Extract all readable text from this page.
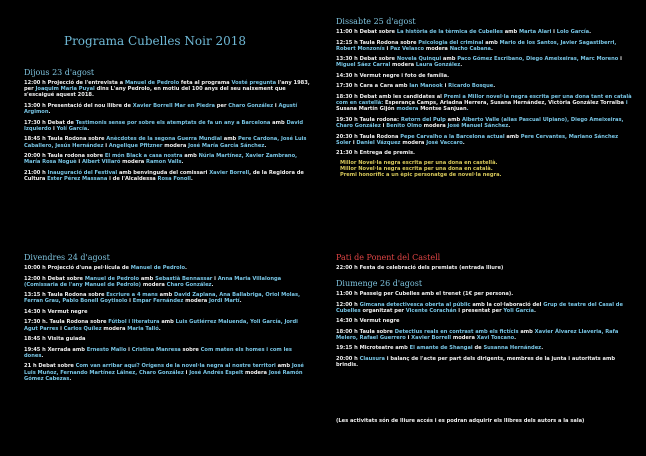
Programa Cubelles Noir 2018

Dijous 23 d'agost

12:00 h Projecció de l'entrevista a Manuel de Pedrolo feta al programa Vosté pregunta l'any 1983, per Joaquim Maria Puyal dins L'any Pedrolo, en motiu del 100 anys del seu naixement que s'escaigué aquest 2018.

13:00 h Presentació del nou llibre de Xavier Borrell Mar en Piedra per Charo González i Agustí Argimon.

17:30 h Debat de Testimonis sense por sobre els atemptats de fa un any a Barcelona amb David Izquierdo i Yolí García.

18:45 h Taula Rodona sobre Anècdotes de la segona Guerra Mundial amb Pere Cardona, José Luis Caballero, Jesús Hernández i Angelique Pfitzner modera José María García Sánchez.

20:00 h Taula rodona sobre El món Black a casa nostra amb Núria Martínez, Xavier Zambrano, María Rosa Noguè i Albert Villaró modera Ramon Valls.

21:00 h Inauguració del Festival amb benvinguda del comissari Xavier Borrell, de la Regidora de Cultura Ester Pérez Massana i de l'Alcaldessa Rosa Fonoll.

Divendres 24 d'agost

10:00 h Projecció d'una pel·lícula de Manuel de Pedrolo.

12:00 h Debat sobre Manuel de Pedrolo amb Sebastià Bennassar i Anna Maria Villalonga (Comissaria de l'any Manuel de Pedrolo) modera Charo González.

13:15 h Taula Rodona sobre Escriure a 4 mans amb David Zaplana, Ana Ballabriga, Oriol Molas, Ferran Grau, Pablo Bonell Goytisolo i Empar Fernández modera Jordi Martí.

14:30 h Vermut negre

17:30 h. Taula Rodona sobre Fútbol i literatura amb Luis Gutiérrez Maluenda, Yoli García, Jordi Agut Parres i Carlos Quílez modera Maria Talló.

18:45 h Visita guiada

19:45 h Xerrada amb Ernesto Mallo i Cristina Manresa sobre Com maten els homes i com les dones.

21 h Debat sobre Com van arribar aquí? Orígens de la novel·la negra al nostre territori amb José Luis Muñoz, Fernando Martínez Láinez, Charo González i José Andrés Espelt modera José Ramón Gómez Cabezas.

Dissabte 25 d'agost

11:00 h Debat sobre La història de la tèrmica de Cubelles amb Marta Alari i Lolo García.

12:15 h Taula Rodona sobre Psicologia del criminal amb Mario de los Santos, Javier Sagastiberri, Robert Monzonís i Paz Velasco modera Nacho Cabana.

13:30 h Debat sobre Novela Quinqui amb Paco Gómez Escribano, Diego Ameixeiras, Marc Moreno i Miguel Sáez Carral modera Laura González.

14:30 h Vermut negre i foto de família.

17:30 h Cara a Cara amb Ian Manook i Ricardo Bosque.

18:30 h Debat amb les candidates al Premi a Millor novel·la negra escrita per una dona tant en català com en castellà: Esperança Camps, Ariadna Herrera, Susana Hernández, Victòria González Torralba i Susana Martín Gijón modera Montse Sanjuan.

19:30 h Taula rodona: Retorn del Pulp amb Alberto Valle (alias Pascual Ulpiano), Diego Ameixeiras, Charo González i Benito Olmo modera José Manuel Sánchez.

20:30 h Taula Rodona Pepe Carvalho a la Barcelona actual amb Pere Cervantes, Mariano Sánchez Soler i Daniel Vázquez modera José Vaccaro.

21:30 h Entrega de premis.

Millor Novel·la negra escrita per una dona en castellà.

Millor Novel·la negra escrita per una dona en català.

Premi honorífic a un èpic personatge de novel·la negra.

Pati de Ponent del Castell

22:00 h Festa de celebració dels premiats (entrada lliure)

Diumenge 26 d'agost

11:00 h Passeig per Cubelles amb el trenet (1€ per persona).

12:00 h Gimcana detectivesca oberta al públic amb la col·laboració del Grup de teatre del Casal de Cubelles organitzat per Vicente Corachán i presentat per Yoli García.

14:30 h Vermut negre

18:00 h Taula sobre Detectius reals en contrast amb els fictícis amb Xavier Álvarez Llaveria, Rafa Melero, Rafael Guerrero i Xavier Borrell modera Xavi Toscano.

19:15 h Microteatre amb El amante de Shangai de Susanna Hernández.

20:00 h Clausura i balanç de l'acte per part dels dirigents, membres de la junta i autoritats amb brindis.

(Les activitats són de lliure accés i es podran adquirir els llibres dels autors a la sala)
